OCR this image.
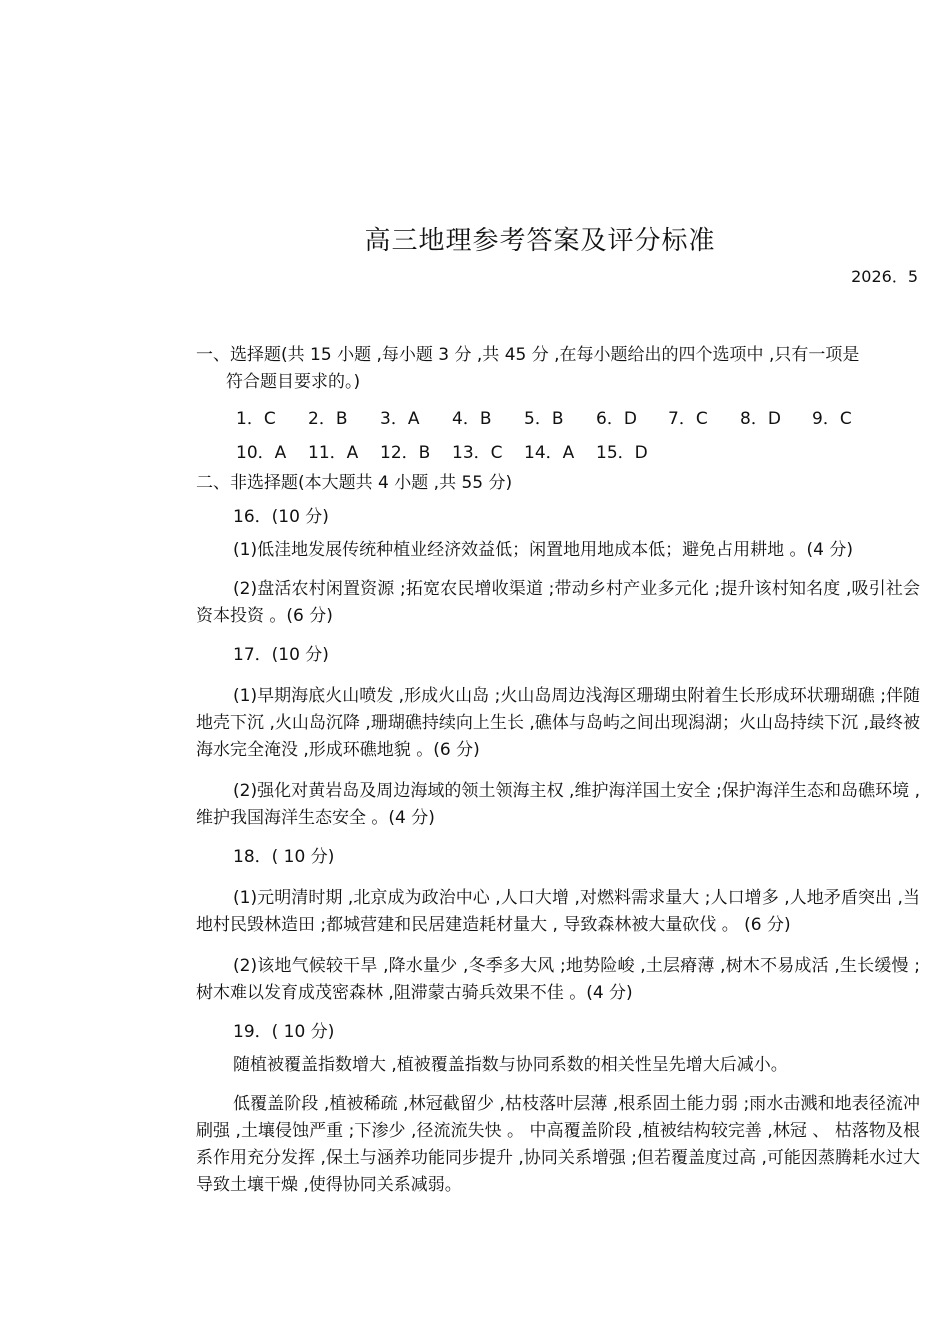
高三地理参考答案及评分标准
2026．5
一、选择题(共 15 小题 ,每小题 3 分 ,共 45 分 ,在每小题给出的四个选项中 ,只有一项是
符合题目要求的。)
1．C	2．B	3．A	4．B	5．B	6．D	7．C	8．D	9．C
10．A	11．A	12．B	13．C	14．A	15．D
二、非选择题(本大题共 4 小题 ,共 55 分)
16．(10 分)

(1)低洼地发展传统种植业经济效益低；闲置地用地成本低；避免占用耕地 。(4 分)

(2)盘活农村闲置资源 ;拓宽农民增收渠道 ;带动乡村产业多元化 ;提升该村知名度 ,吸引社会资本投资 。(6 分)

17．(10 分)

(1)早期海底火山喷发 ,形成火山岛 ;火山岛周边浅海区珊瑚虫附着生长形成环状珊瑚礁 ;伴随地壳下沉 ,火山岛沉降 ,珊瑚礁持续向上生长 ,礁体与岛屿之间出现潟湖；火山岛持续下沉 ,最终被海水完全淹没 ,形成环礁地貌 。(6 分)

(2)强化对黄岩岛及周边海域的领土领海主权 ,维护海洋国土安全 ;保护海洋生态和岛礁环境 ,维护我国海洋生态安全 。(4 分)

18．( 10 分)

(1)元明清时期 ,北京成为政治中心 ,人口大增 ,对燃料需求量大 ;人口增多 ,人地矛盾突出 ,当地村民毁林造田 ;都城营建和民居建造耗材量大 , 导致森林被大量砍伐 。 (6 分)

(2)该地气候较干旱 ,降水量少 ,冬季多大风 ;地势险峻 ,土层瘠薄 ,树木不易成活 ,生长缓慢 ;树木难以发育成茂密森林 ,阻滞蒙古骑兵效果不佳 。(4 分)

19．( 10 分)

随植被覆盖指数增大 ,植被覆盖指数与协同系数的相关性呈先增大后减小。

低覆盖阶段 ,植被稀疏 ,林冠截留少 ,枯枝落叶层薄 ,根系固土能力弱 ;雨水击溅和地表径流冲刷强 ,土壤侵蚀严重 ;下渗少 ,径流流失快 。 中高覆盖阶段 ,植被结构较完善 ,林冠 、 枯落物及根系作用充分发挥 ,保土与涵养功能同步提升 ,协同关系增强 ;但若覆盖度过高 ,可能因蒸腾耗水过大导致土壤干燥 ,使得协同关系减弱。
